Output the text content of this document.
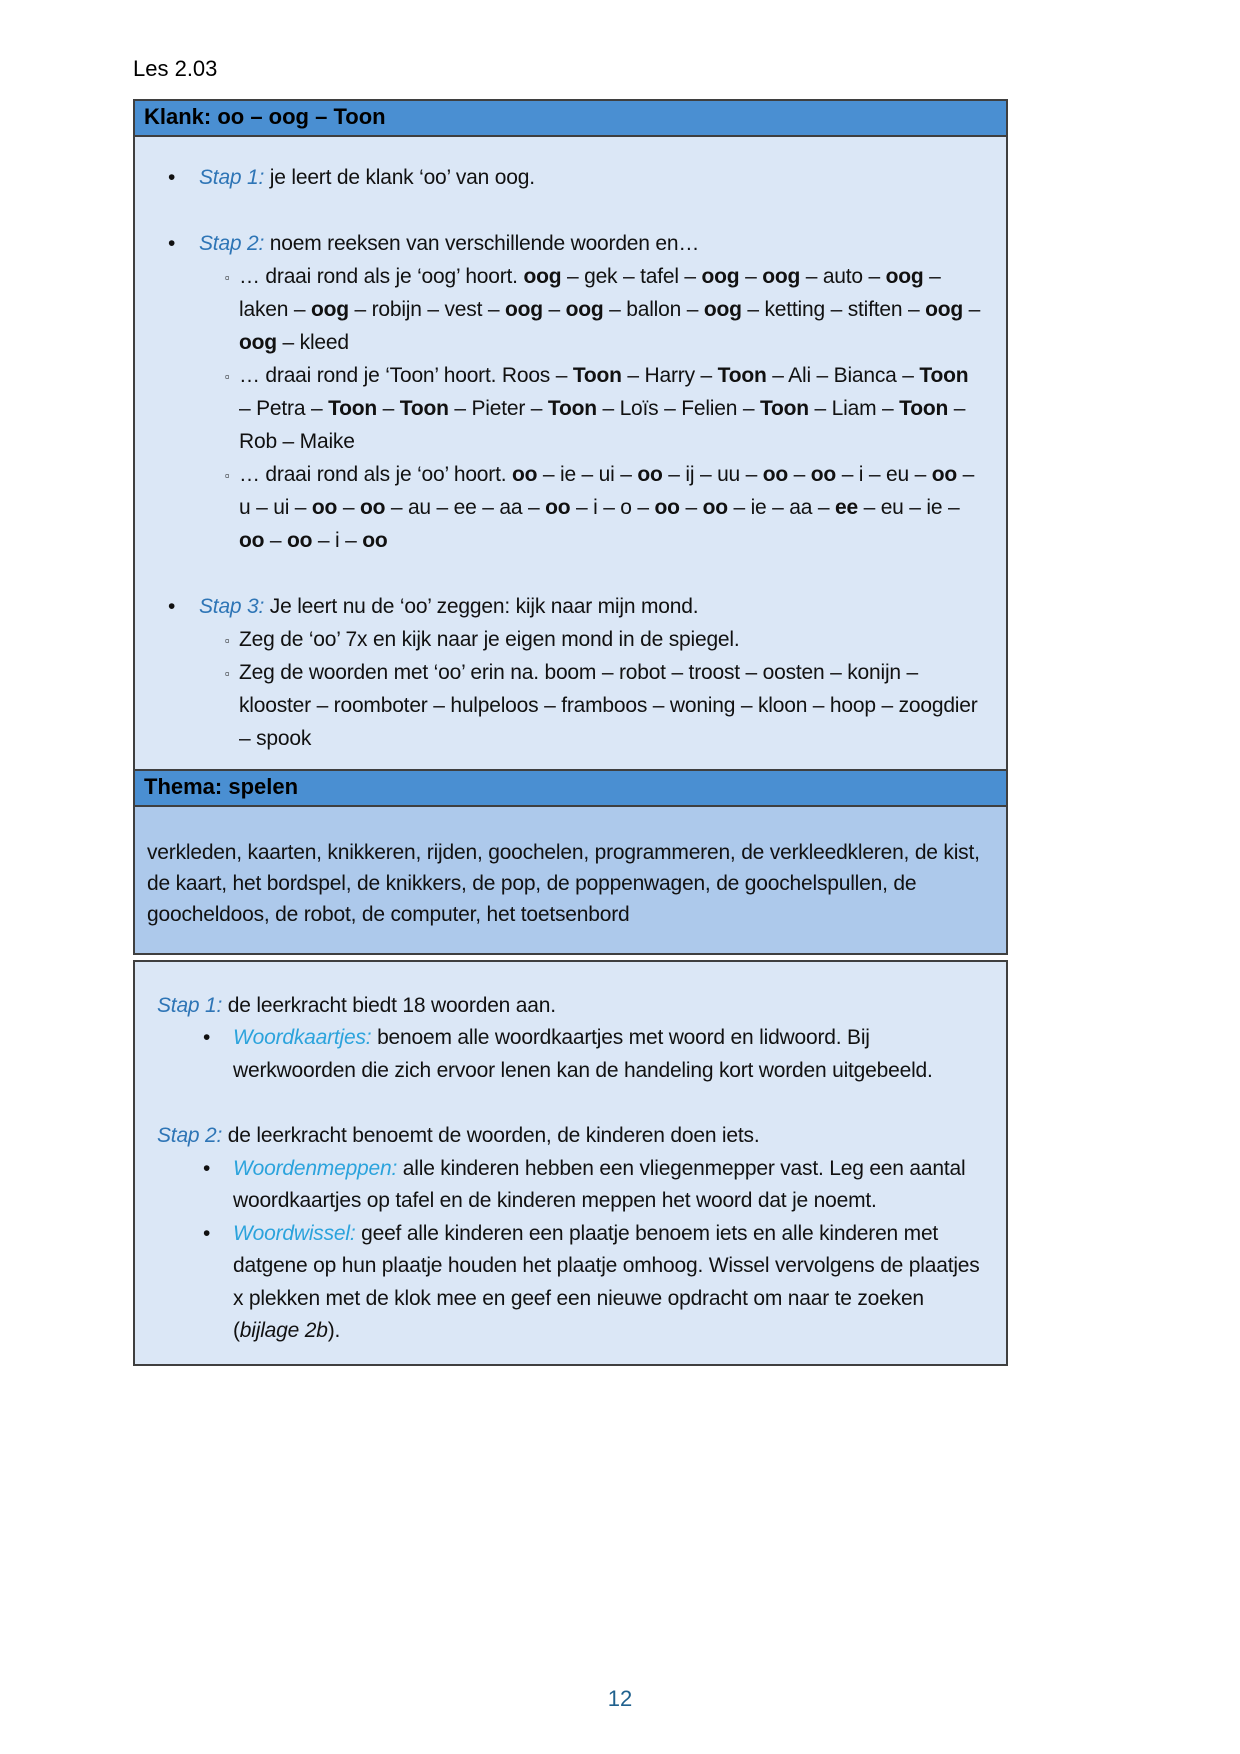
Les 2.03
Klank: oo – oog – Toon
•	Stap 1: je leert de klank ‘oo’ van oog.
•	Stap 2: noem reeksen van verschillende woorden en…
▫ … draai rond als je ‘oog’ hoort. oog – gek – tafel – oog – oog – auto – oog – laken – oog – robijn – vest – oog – oog – ballon – oog – ketting – stiften – oog – oog – kleed
▫ … draai rond je ‘Toon’ hoort. Roos – Toon – Harry – Toon – Ali – Bianca – Toon – Petra – Toon – Toon – Pieter – Toon – Loïs – Felien – Toon – Liam – Toon – Rob – Maike
▫ … draai rond als je ‘oo’ hoort. oo – ie – ui – oo – ij – uu – oo – oo – i – eu – oo – u – ui – oo – oo – au – ee – aa – oo – i – o – oo – oo – ie – aa – ee – eu – ie – oo – oo – i – oo
•	Stap 3: Je leert nu de ‘oo’ zeggen: kijk naar mijn mond.
▫ Zeg de ‘oo’ 7x en kijk naar je eigen mond in de spiegel.
▫ Zeg de woorden met ‘oo’ erin na. boom – robot – troost – oosten – konijn – klooster – roomboter – hulpeloos – framboos – woning – kloon – hoop – zoogdier – spook
Thema: spelen
verkleden, kaarten, knikkeren, rijden, goochelen, programmeren, de verkleedkleren, de kist, de kaart, het bordspel, de knikkers, de pop, de poppenwagen, de goochelspullen, de goocheldoos, de robot, de computer, het toetsenbord
Stap 1: de leerkracht biedt 18 woorden aan.
•	Woordkaartjes: benoem alle woordkaartjes met woord en lidwoord. Bij werkwoorden die zich ervoor lenen kan de handeling kort worden uitgebeeld.
Stap 2: de leerkracht benoemt de woorden, de kinderen doen iets.
•	Woordenmeppen: alle kinderen hebben een vliegenmepper vast. Leg een aantal woordkaartjes op tafel en de kinderen meppen het woord dat je noemt.
•	Woordwissel: geef alle kinderen een plaatje benoem iets en alle kinderen met datgene op hun plaatje houden het plaatje omhoog. Wissel vervolgens de plaatjes x plekken met de klok mee en geef een nieuwe opdracht om naar te zoeken (bijlage 2b).
12
